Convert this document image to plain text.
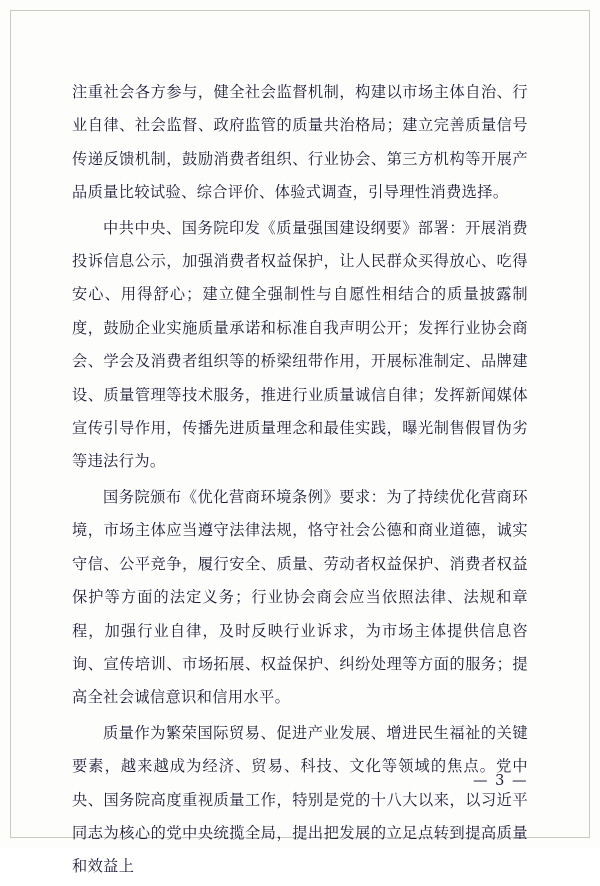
注重社会各方参与，健全社会监督机制，构建以市场主体自治、行业自律、社会监督、政府监管的质量共治格局；建立完善质量信号传递反馈机制，鼓励消费者组织、行业协会、第三方机构等开展产品质量比较试验、综合评价、体验式调查，引导理性消费选择。

中共中央、国务院印发《质量强国建设纲要》部署：开展消费投诉信息公示，加强消费者权益保护，让人民群众买得放心、吃得安心、用得舒心；建立健全强制性与自愿性相结合的质量披露制度，鼓励企业实施质量承诺和标准自我声明公开；发挥行业协会商会、学会及消费者组织等的桥梁纽带作用，开展标准制定、品牌建设、质量管理等技术服务，推进行业质量诚信自律；发挥新闻媒体宣传引导作用，传播先进质量理念和最佳实践，曝光制售假冒伪劣等违法行为。

国务院颁布《优化营商环境条例》要求：为了持续优化营商环境，市场主体应当遵守法律法规，恪守社会公德和商业道德，诚实守信、公平竞争，履行安全、质量、劳动者权益保护、消费者权益保护等方面的法定义务；行业协会商会应当依照法律、法规和章程，加强行业自律，及时反映行业诉求，为市场主体提供信息咨询、宣传培训、市场拓展、权益保护、纠纷处理等方面的服务；提高全社会诚信意识和信用水平。

质量作为繁荣国际贸易、促进产业发展、增进民生福祉的关键要素，越来越成为经济、贸易、科技、文化等领域的焦点。党中央、国务院高度重视质量工作，特别是党的十八大以来，以习近平同志为核心的党中央统揽全局，提出把发展的立足点转到提高质量和效益上

— 3 —
